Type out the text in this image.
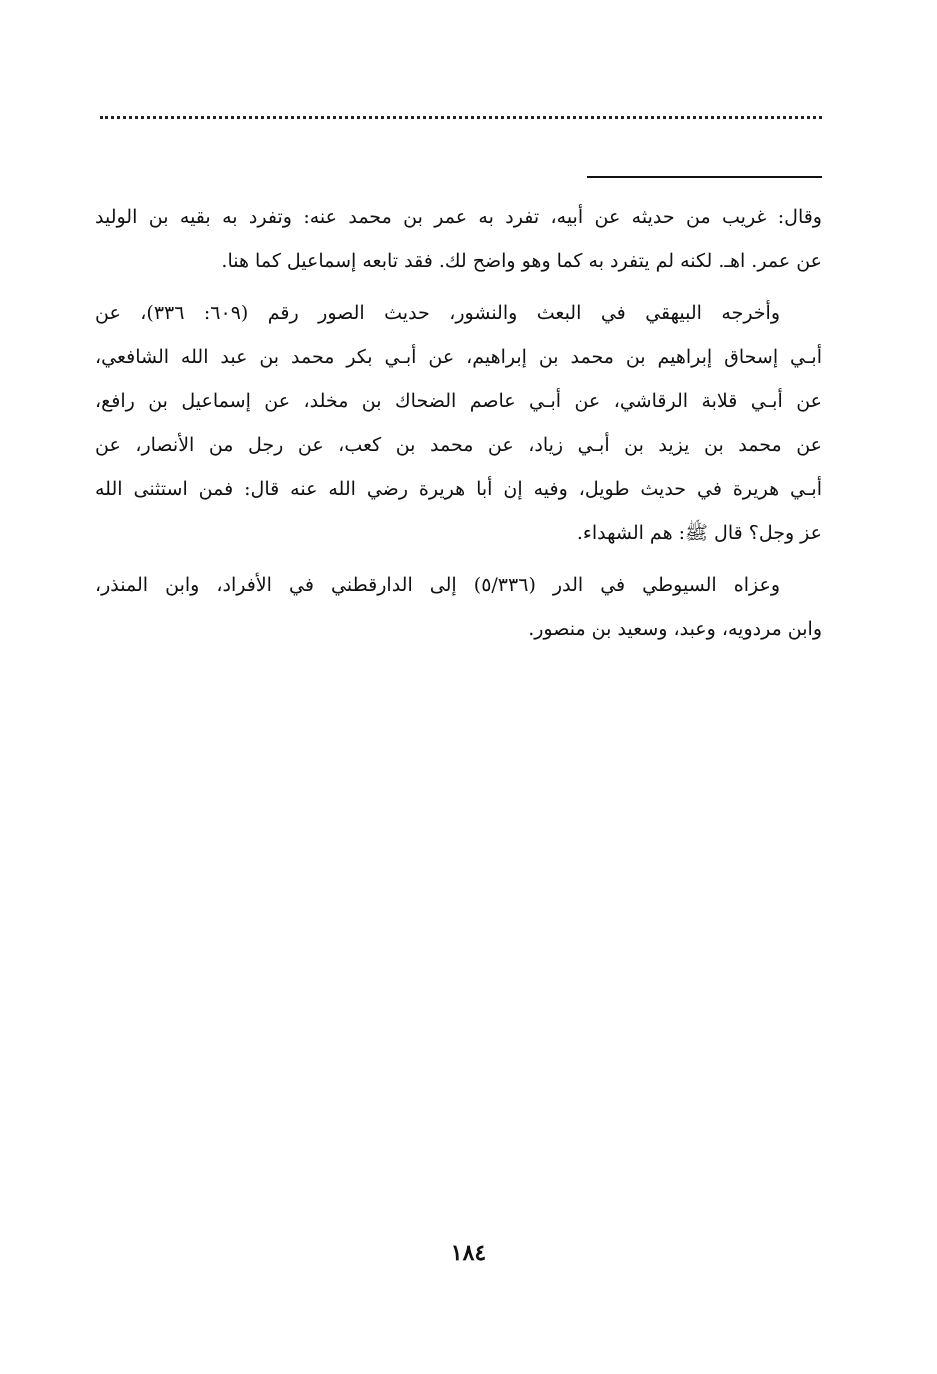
وقال: غريب من حديثه عن أبيه، تفرد به عمر بن محمد عنه: وتفرد به بقيه بن الوليد
عن عمر. اهـ. لكنه لم يتفرد به كما وهو واضح لك. فقد تابعه إسماعيل كما هنا.

وأخرجه البيهقي في البعث والنشور، حديث الصور رقم (٦٠٩: ٣٣٦)، عن
أبـي إسحاق إبراهيم بن محمد بن إبراهيم، عن أبـي بكر محمد بن عبد الله الشافعي،
عن أبـي قلابة الرقاشي، عن أبـي عاصم الضحاك بن مخلد، عن إسماعيل بن رافع،
عن محمد بن يزيد بن أبـي زياد، عن محمد بن كعب، عن رجل من الأنصار، عن
أبـي هريرة في حديث طويل، وفيه إن أبا هريرة رضي الله عنه قال: فمن استثنى الله
عز وجل؟ قال ﷺ: هم الشهداء.

وعزاه السيوطي في الدر (٥/٣٣٦) إلى الدارقطني في الأفراد، وابن المنذر،
وابن مردويه، وعبد، وسعيد بن منصور.

١٨٤
